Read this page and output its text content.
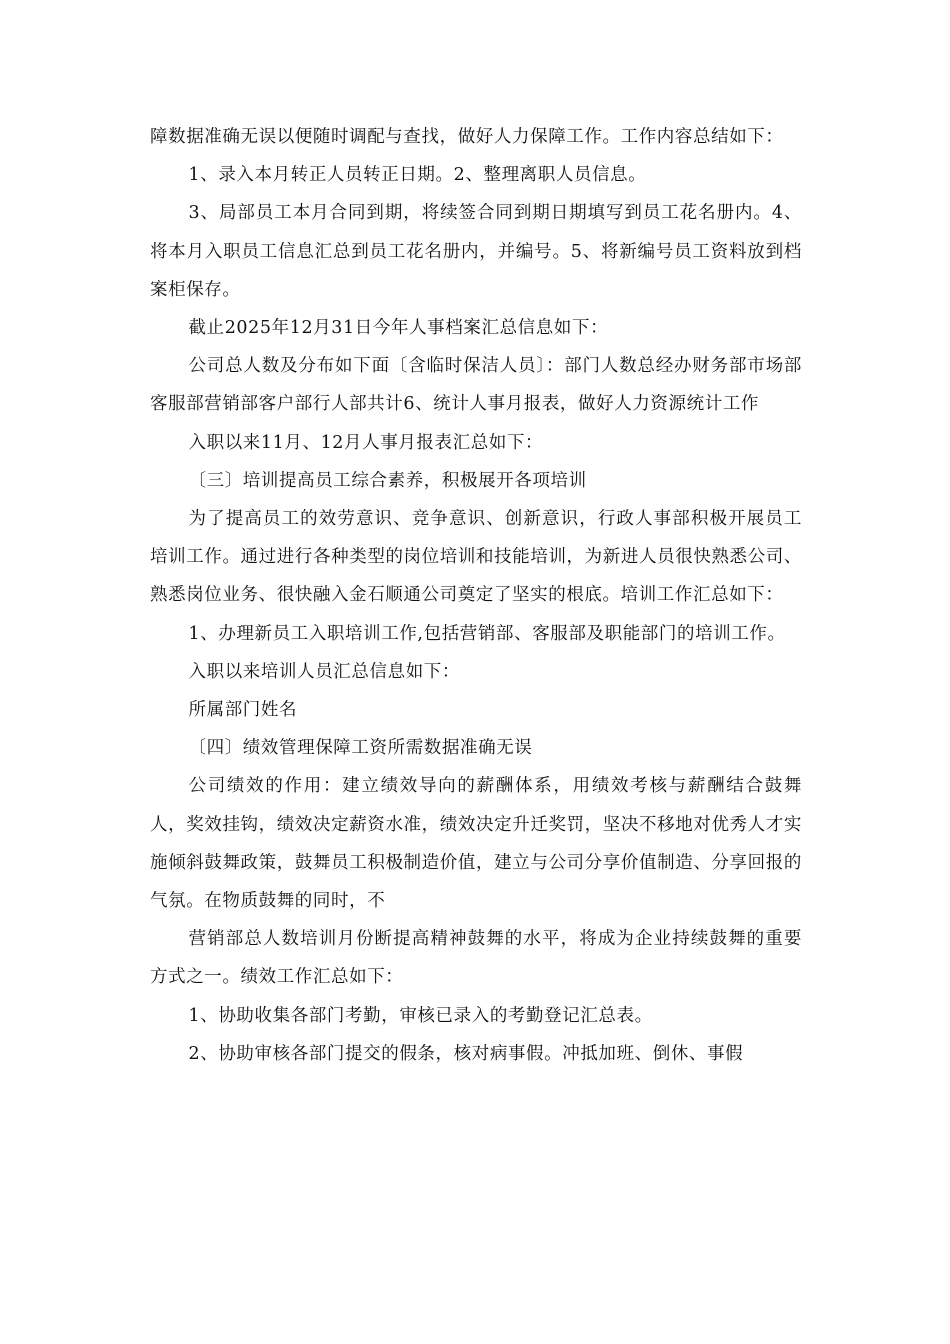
障数据准确无误以便随时调配与查找，做好人力保障工作。工作内容总结如下：

1、录入本月转正人员转正日期。2、整理离职人员信息。

3、局部员工本月合同到期，将续签合同到期日期填写到员工花名册内。4、将本月入职员工信息汇总到员工花名册内，并编号。5、将新编号员工资料放到档案柜保存。

截止2025年12月31日今年人事档案汇总信息如下：

公司总人数及分布如下面〔含临时保洁人员〕：部门人数总经办财务部市场部客服部营销部客户部行人部共计6、统计人事月报表，做好人力资源统计工作

入职以来11月、12月人事月报表汇总如下：

〔三〕培训提高员工综合素养，积极展开各项培训

为了提高员工的效劳意识、竞争意识、创新意识，行政人事部积极开展员工培训工作。通过进行各种类型的岗位培训和技能培训，为新进人员很快熟悉公司、熟悉岗位业务、很快融入金石顺通公司奠定了坚实的根底。培训工作汇总如下：

1、办理新员工入职培训工作,包括营销部、客服部及职能部门的培训工作。

入职以来培训人员汇总信息如下：

所属部门姓名

〔四〕绩效管理保障工资所需数据准确无误

公司绩效的作用：建立绩效导向的薪酬体系，用绩效考核与薪酬结合鼓舞人，奖效挂钩，绩效决定薪资水准，绩效决定升迁奖罚，坚决不移地对优秀人才实施倾斜鼓舞政策，鼓舞员工积极制造价值，建立与公司分享价值制造、分享回报的气氛。在物质鼓舞的同时，不

营销部总人数培训月份断提高精神鼓舞的水平，将成为企业持续鼓舞的重要方式之一。绩效工作汇总如下：

1、协助收集各部门考勤，审核已录入的考勤登记汇总表。

2、协助审核各部门提交的假条，核对病事假。冲抵加班、倒休、事假
